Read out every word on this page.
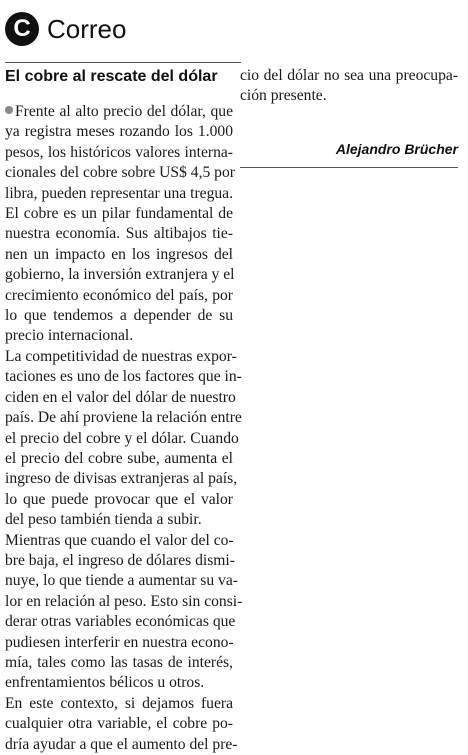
C Correo
El cobre al rescate del dólar
Frente al alto precio del dólar, que
ya registra meses rozando los 1.000
pesos, los históricos valores interna-
cionales del cobre sobre US$ 4,5 por
libra, pueden representar una tregua.
El cobre es un pilar fundamental de
nuestra economía. Sus altibajos tie-
nen un impacto en los ingresos del
gobierno, la inversión extranjera y el
crecimiento económico del país, por
lo que tendemos a depender de su
precio internacional.
La competitividad de nuestras expor-
taciones es uno de los factores que in-
ciden en el valor del dólar de nuestro
país. De ahí proviene la relación entre
el precio del cobre y el dólar. Cuando
el precio del cobre sube, aumenta el
ingreso de divisas extranjeras al país,
lo que puede provocar que el valor
del peso también tienda a subir.
Mientras que cuando el valor del co-
bre baja, el ingreso de dólares dismi-
nuye, lo que tiende a aumentar su va-
lor en relación al peso. Esto sin consi-
derar otras variables económicas que
pudiesen interferir en nuestra econo-
mía, tales como las tasas de interés,
enfrentamientos bélicos u otros.
En este contexto, si dejamos fuera
cualquier otra variable, el cobre po-
dría ayudar a que el aumento del pre-
cio del dólar no sea una preocupa-
ción presente.
Alejandro Brücher
